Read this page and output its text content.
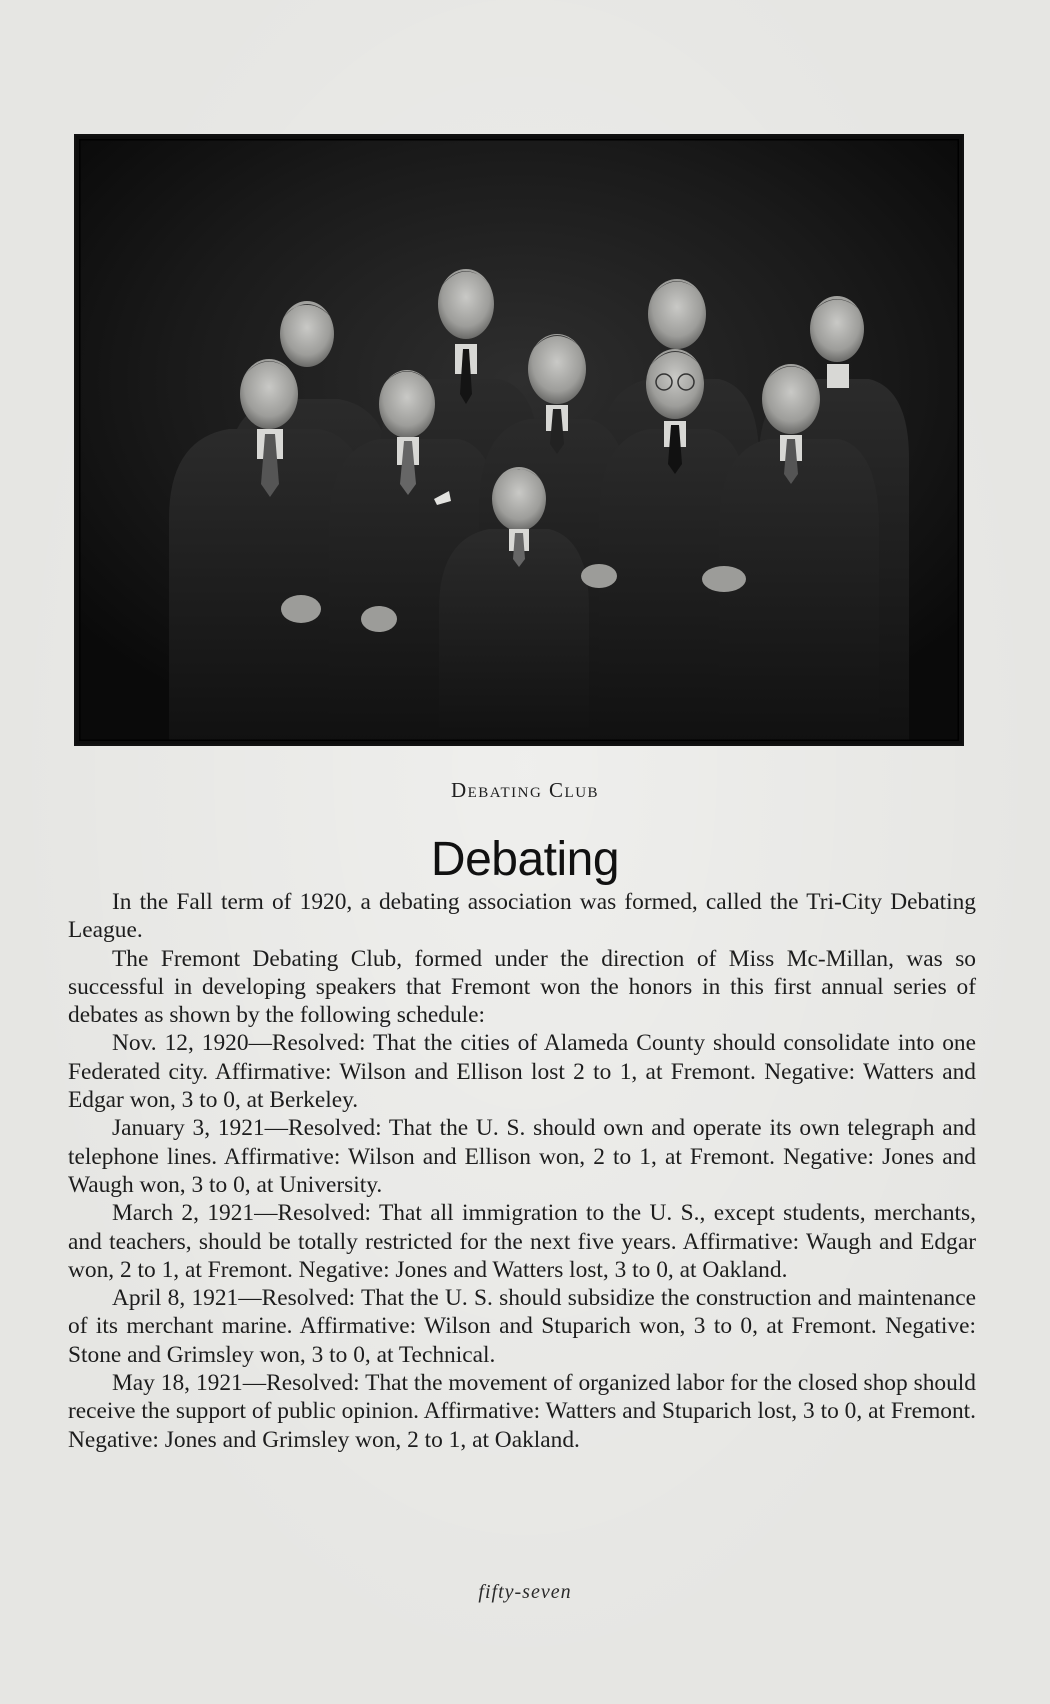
Debating Club
Debating

In the Fall term of 1920, a debating association was formed, called the Tri-City Debating League.

The Fremont Debating Club, formed under the direction of Miss Mc-Millan, was so successful in developing speakers that Fremont won the honors in this first annual series of debates as shown by the following schedule:

Nov. 12, 1920—Resolved: That the cities of Alameda County should consolidate into one Federated city. Affirmative: Wilson and Ellison lost 2 to 1, at Fremont. Negative: Watters and Edgar won, 3 to 0, at Berkeley.

January 3, 1921—Resolved: That the U. S. should own and operate its own telegraph and telephone lines. Affirmative: Wilson and Ellison won, 2 to 1, at Fremont. Negative: Jones and Waugh won, 3 to 0, at University.

March 2, 1921—Resolved: That all immigration to the U. S., except students, merchants, and teachers, should be totally restricted for the next five years. Affirmative: Waugh and Edgar won, 2 to 1, at Fremont. Negative: Jones and Watters lost, 3 to 0, at Oakland.

April 8, 1921—Resolved: That the U. S. should subsidize the construction and maintenance of its merchant marine. Affirmative: Wilson and Stuparich won, 3 to 0, at Fremont. Negative: Stone and Grimsley won, 3 to 0, at Technical.

May 18, 1921—Resolved: That the movement of organized labor for the closed shop should receive the support of public opinion. Affirmative: Watters and Stuparich lost, 3 to 0, at Fremont. Negative: Jones and Grimsley won, 2 to 1, at Oakland.

fifty-seven
